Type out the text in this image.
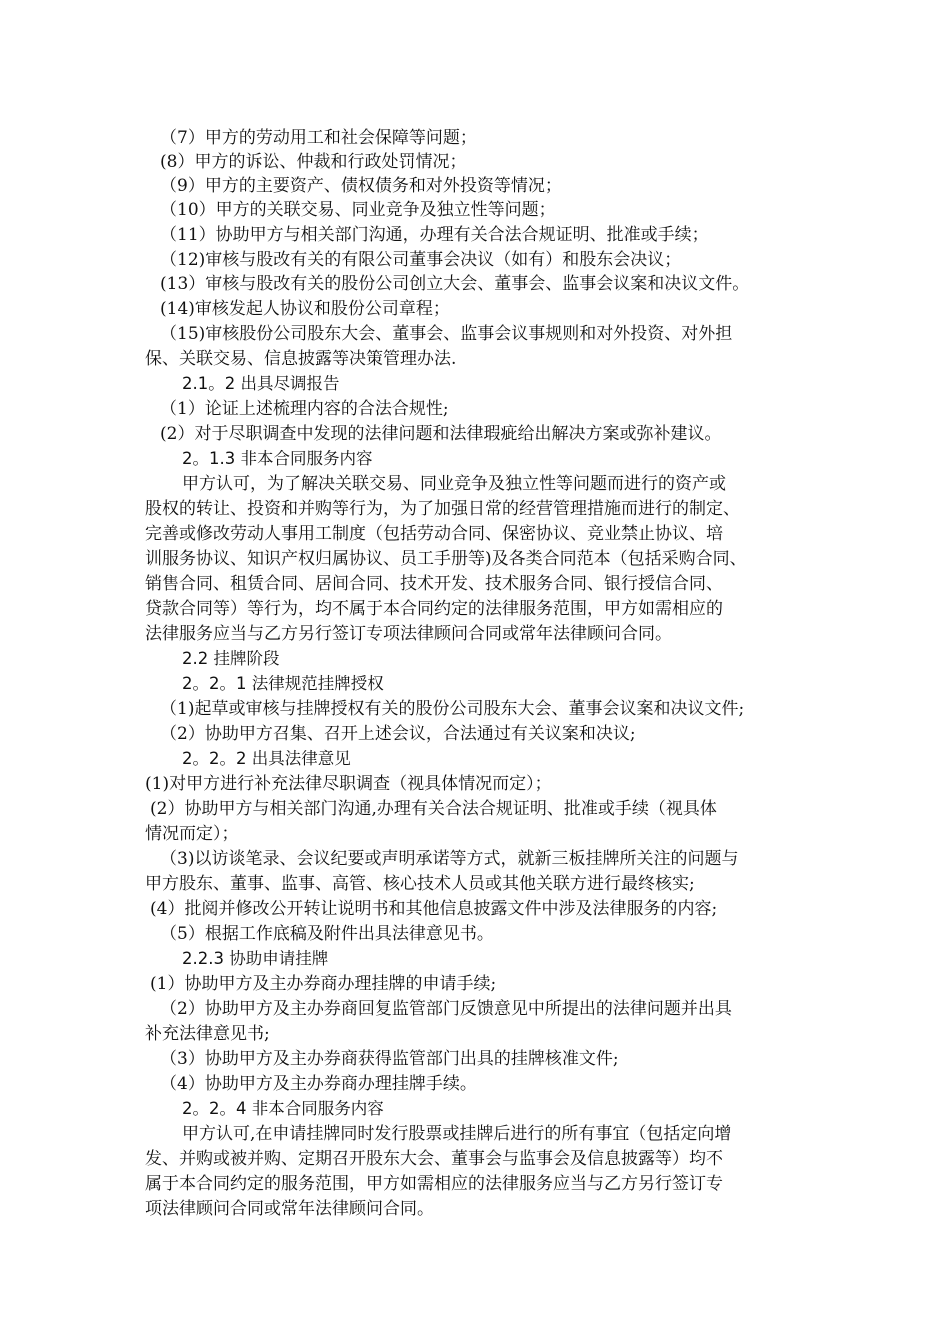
（7）甲方的劳动用工和社会保障等问题；
(8）甲方的诉讼、仲裁和行政处罚情况；
（9）甲方的主要资产、债权债务和对外投资等情况；
（10）甲方的关联交易、同业竞争及独立性等问题；
（11）协助甲方与相关部门沟通，办理有关合法合规证明、批准或手续；
（12)审核与股改有关的有限公司董事会决议（如有）和股东会决议；
(13）审核与股改有关的股份公司创立大会、董事会、监事会议案和决议文件。
(14)审核发起人协议和股份公司章程；
（15)审核股份公司股东大会、董事会、监事会议事规则和对外投资、对外担
保、关联交易、信息披露等决策管理办法.
2.1。2 出具尽调报告
（1）论证上述梳理内容的合法合规性;
(2）对于尽职调查中发现的法律问题和法律瑕疵给出解决方案或弥补建议。
2。1.3 非本合同服务内容
甲方认可，为了解决关联交易、同业竞争及独立性等问题而进行的资产或
股权的转让、投资和并购等行为，为了加强日常的经营管理措施而进行的制定、
完善或修改劳动人事用工制度（包括劳动合同、保密协议、竞业禁止协议、培
训服务协议、知识产权归属协议、员工手册等)及各类合同范本（包括采购合同、
销售合同、租赁合同、居间合同、技术开发、技术服务合同、银行授信合同、
贷款合同等）等行为，均不属于本合同约定的法律服务范围，甲方如需相应的
法律服务应当与乙方另行签订专项法律顾问合同或常年法律顾问合同。
2.2 挂牌阶段
2。2。1 法律规范挂牌授权
（1)起草或审核与挂牌授权有关的股份公司股东大会、董事会议案和决议文件;
（2）协助甲方召集、召开上述会议，合法通过有关议案和决议;
2。2。2 出具法律意见
(1)对甲方进行补充法律尽职调查（视具体情况而定）；
(2）协助甲方与相关部门沟通,办理有关合法合规证明、批准或手续（视具体
情况而定）；
（3)以访谈笔录、会议纪要或声明承诺等方式，就新三板挂牌所关注的问题与
甲方股东、董事、监事、高管、核心技术人员或其他关联方进行最终核实;
(4）批阅并修改公开转让说明书和其他信息披露文件中涉及法律服务的内容;
（5）根据工作底稿及附件出具法律意见书。
2.2.3 协助申请挂牌
(1）协助甲方及主办券商办理挂牌的申请手续;
（2）协助甲方及主办券商回复监管部门反馈意见中所提出的法律问题并出具
补充法律意见书;
（3）协助甲方及主办券商获得监管部门出具的挂牌核准文件;
（4）协助甲方及主办券商办理挂牌手续。
2。2。4 非本合同服务内容
甲方认可,在申请挂牌同时发行股票或挂牌后进行的所有事宜（包括定向增
发、并购或被并购、定期召开股东大会、董事会与监事会及信息披露等）均不
属于本合同约定的服务范围，甲方如需相应的法律服务应当与乙方另行签订专
项法律顾问合同或常年法律顾问合同。
